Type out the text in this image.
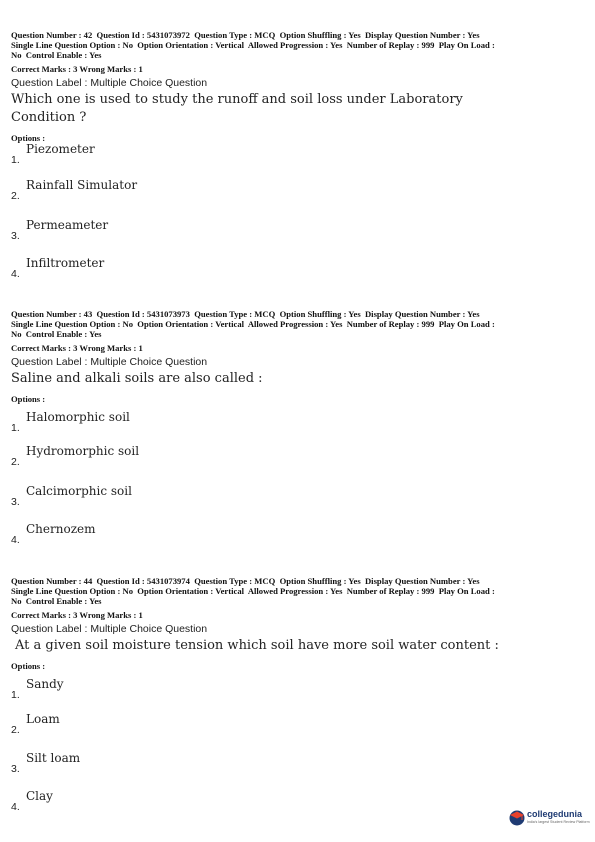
Question Number : 42  Question Id : 5431073972  Question Type : MCQ  Option Shuffling : Yes  Display Question Number : Yes
Single Line Question Option : No  Option Orientation : Vertical  Allowed Progression : Yes  Number of Replay : 999  Play On Load :
No  Control Enable : Yes
Correct Marks : 3 Wrong Marks : 1
Question Label : Multiple Choice Question
Which one is used to study the runoff and soil loss under Laboratory Condition ?
Options :
1.
Piezometer
2.
Rainfall Simulator
3.
Permeameter
4.
Infiltrometer
Question Number : 43  Question Id : 5431073973  Question Type : MCQ  Option Shuffling : Yes  Display Question Number : Yes
Single Line Question Option : No  Option Orientation : Vertical  Allowed Progression : Yes  Number of Replay : 999  Play On Load :
No  Control Enable : Yes
Correct Marks : 3 Wrong Marks : 1
Question Label : Multiple Choice Question
Saline and alkali soils are also called :
Options :
1.
Halomorphic soil
2.
Hydromorphic soil
3.
Calcimorphic soil
4.
Chernozem
Question Number : 44  Question Id : 5431073974  Question Type : MCQ  Option Shuffling : Yes  Display Question Number : Yes
Single Line Question Option : No  Option Orientation : Vertical  Allowed Progression : Yes  Number of Replay : 999  Play On Load :
No  Control Enable : Yes
Correct Marks : 3 Wrong Marks : 1
Question Label : Multiple Choice Question
At a given soil moisture tension which soil have more soil water content :
Options :
1.
Sandy
2.
Loam
3.
Silt loam
4.
Clay
collegedunia
India's largest Student Review Platform
